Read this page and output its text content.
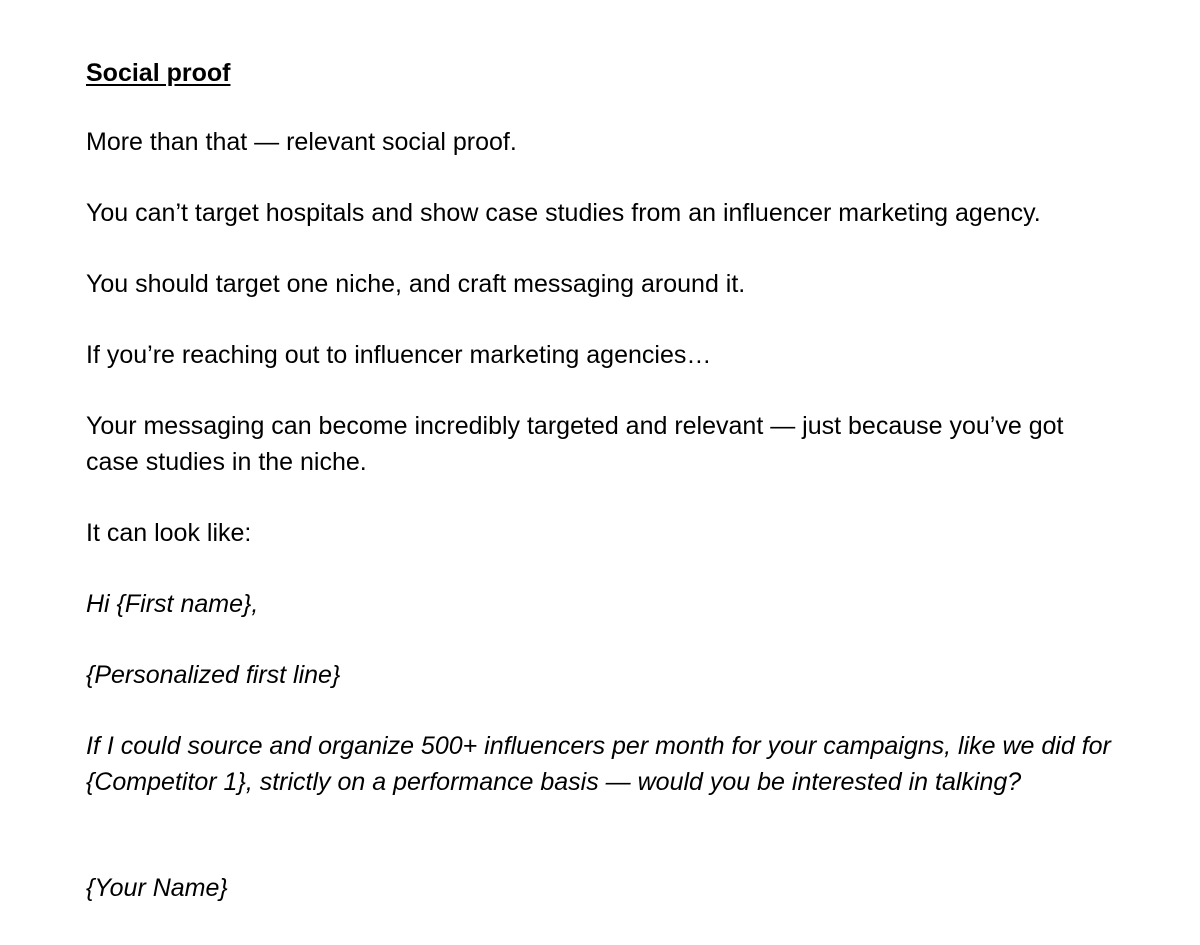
Social proof

More than that — relevant social proof.

You can’t target hospitals and show case studies from an influencer marketing agency.

You should target one niche, and craft messaging around it.

If you’re reaching out to influencer marketing agencies…

Your messaging can become incredibly targeted and relevant — just because you’ve got case studies in the niche.

It can look like:

Hi {First name},

{Personalized first line}

If I could source and organize 500+ influencers per month for your campaigns, like we did for {Competitor 1}, strictly on a performance basis — would you be interested in talking?

{Your Name}
